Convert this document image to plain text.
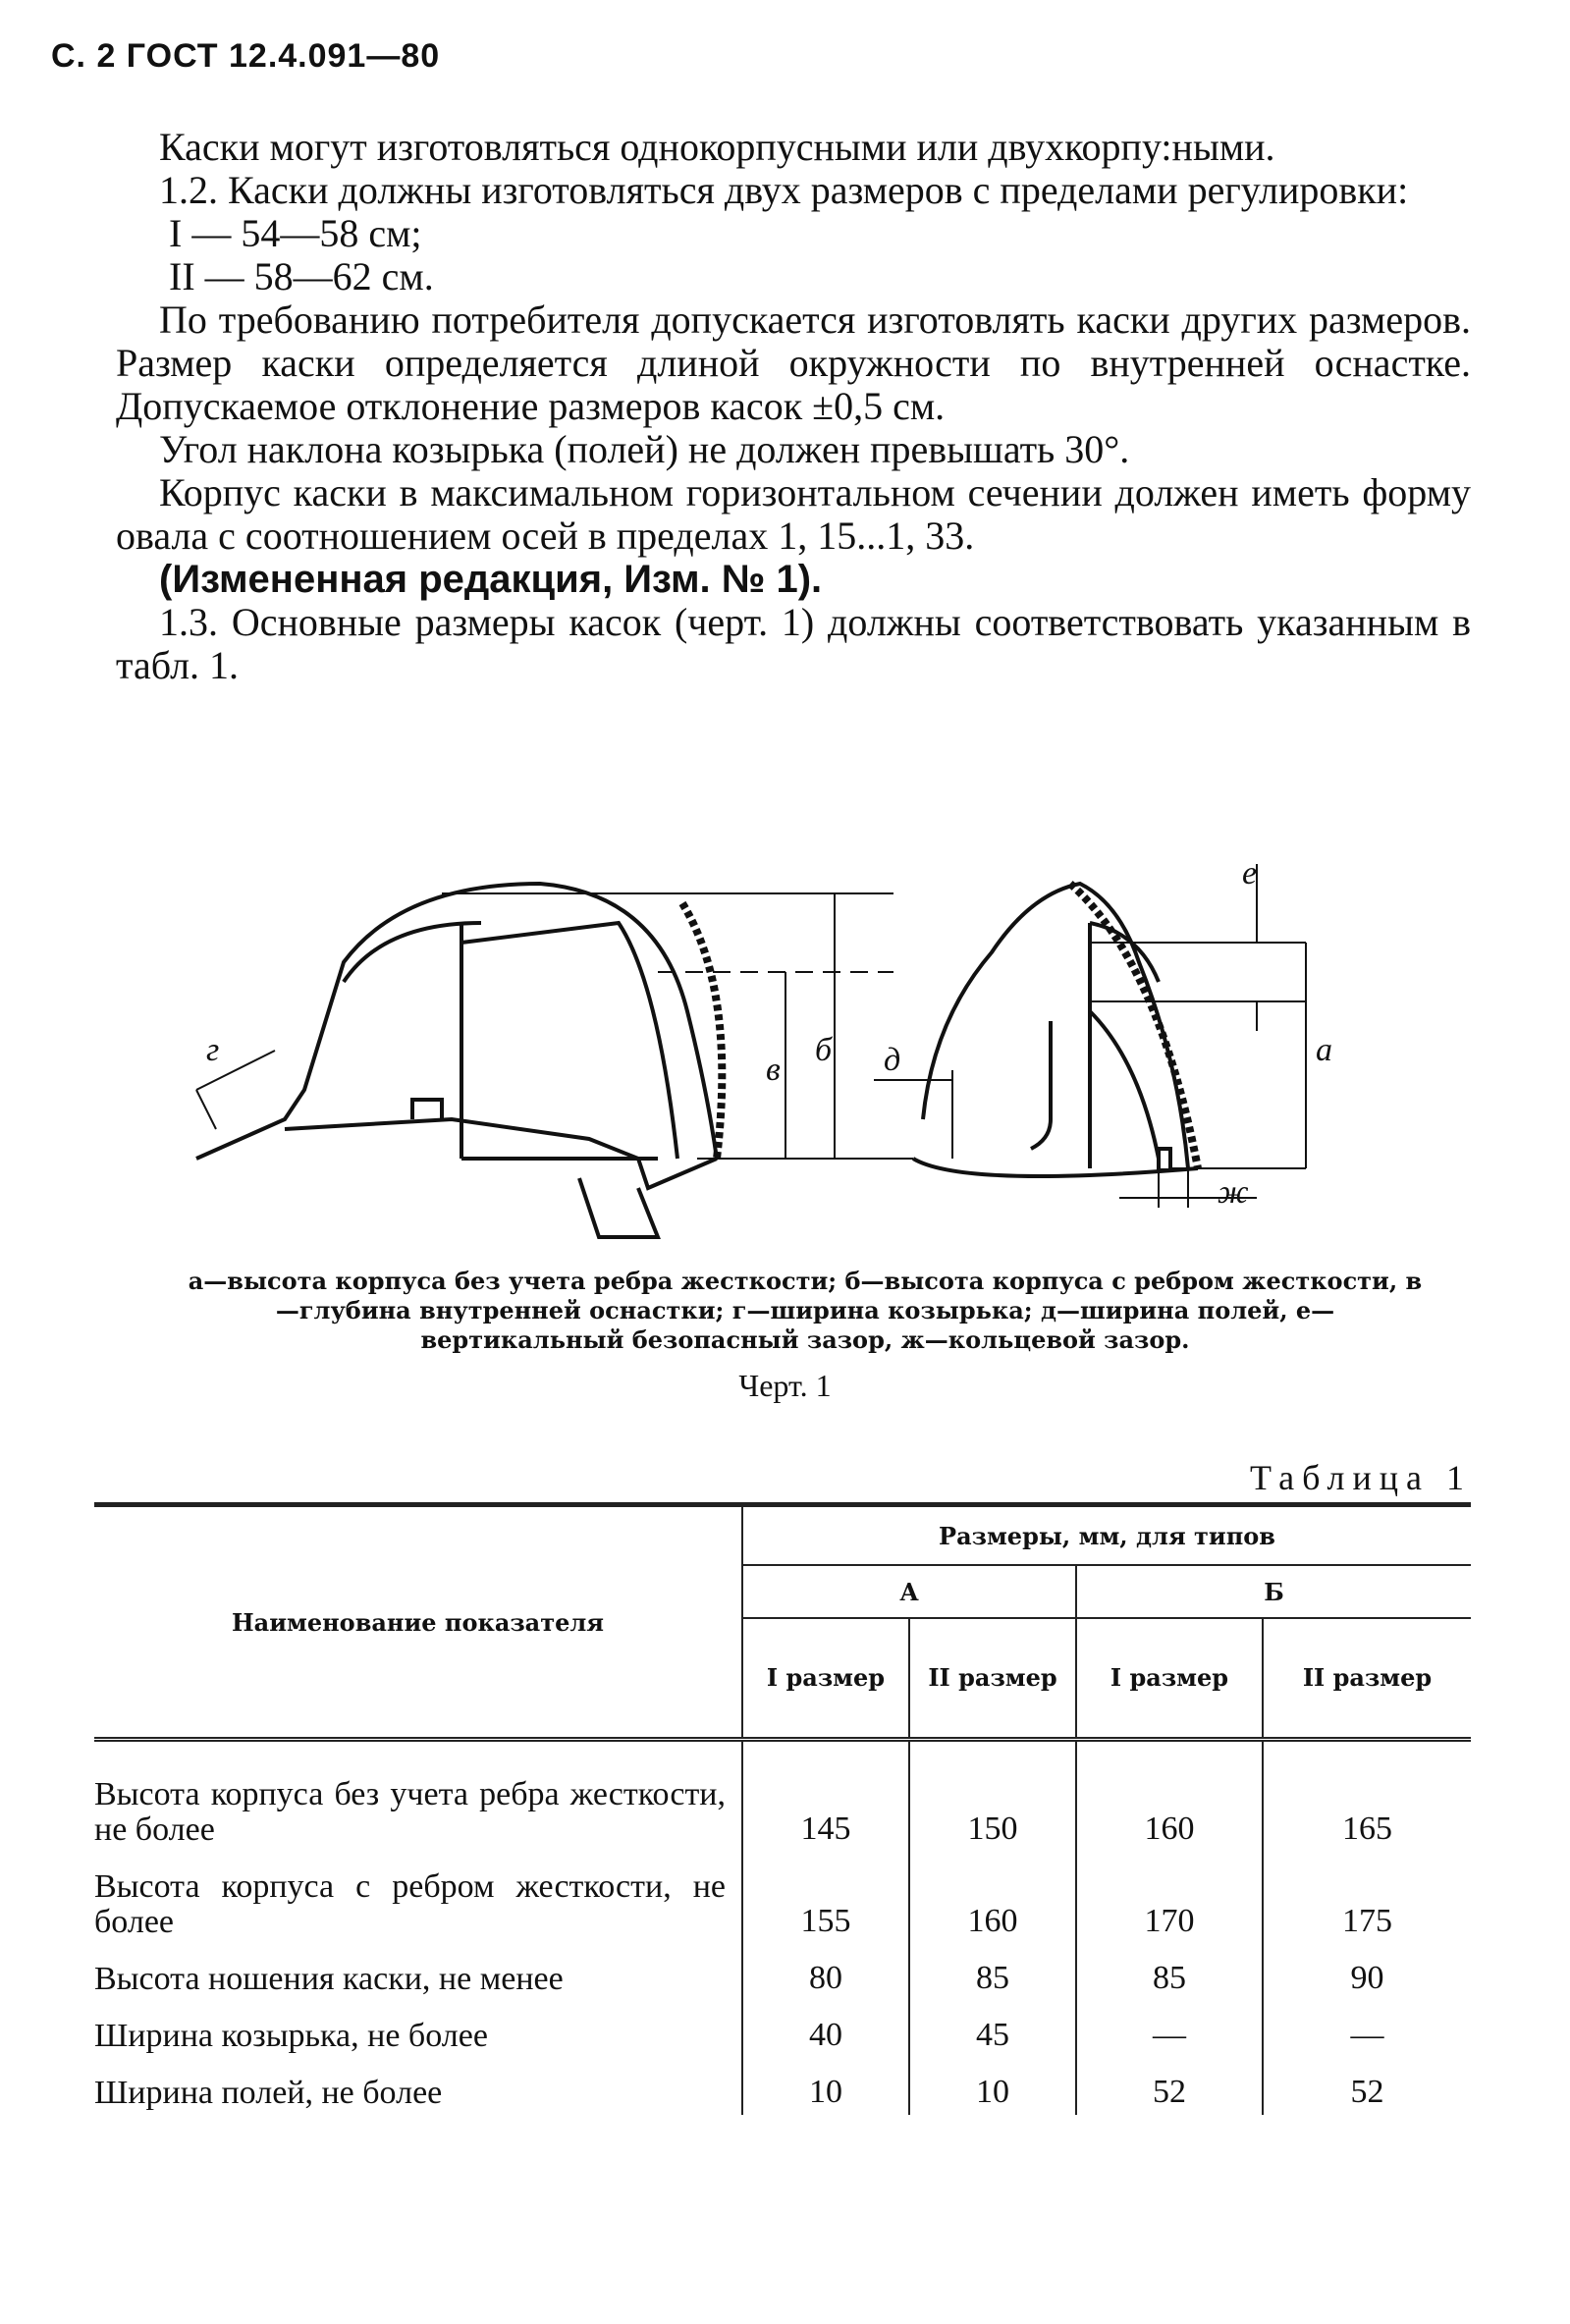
С. 2 ГОСТ 12.4.091—80

Каски могут изготовляться однокорпусными или двухкорпу:ными.

1.2. Каски должны изготовляться двух размеров с пределами регулировки:

I — 54—58 см;

II — 58—62 см.

По требованию потребителя допускается изготовлять каски других размеров. Размер каски определяется длиной окружности по внутренней оснастке. Допускаемое отклонение размеров касок ±0,5 см.

Угол наклона козырька (полей) не должен превышать 30°.

Корпус каски в максимальном горизонтальном сечении должен иметь форму овала с соотношением осей в пределах 1, 15...1, 33.

(Измененная редакция, Изм. № 1).

1.3. Основные размеры касок (черт. 1) должны соответствовать указанным в табл. 1.

г
в
б
е
а
д
ж
а—высота корпуса без учета ребра жесткости; б—высота корпуса с ребром жесткости, в—глубина внутренней оснастки; г—ширина козырька; д—ширина полей, е—вертикальный безопасный зазор, ж—кольцевой зазор.
Черт. 1
Таблица 1
Наименование показателя	Размеры, мм, для типов			
	А		Б	
	I размер	II размер	I размер	II размер

Высота корпуса без учета ребра жесткости, не более	145	150	160	165
Высота корпуса с ребром жесткости, не более	155	160	170	175
Высота ношения каски, не менее	80	85	85	90
Ширина козырька, не более	40	45	—	—
Ширина полей, не более	10	10	52	52
